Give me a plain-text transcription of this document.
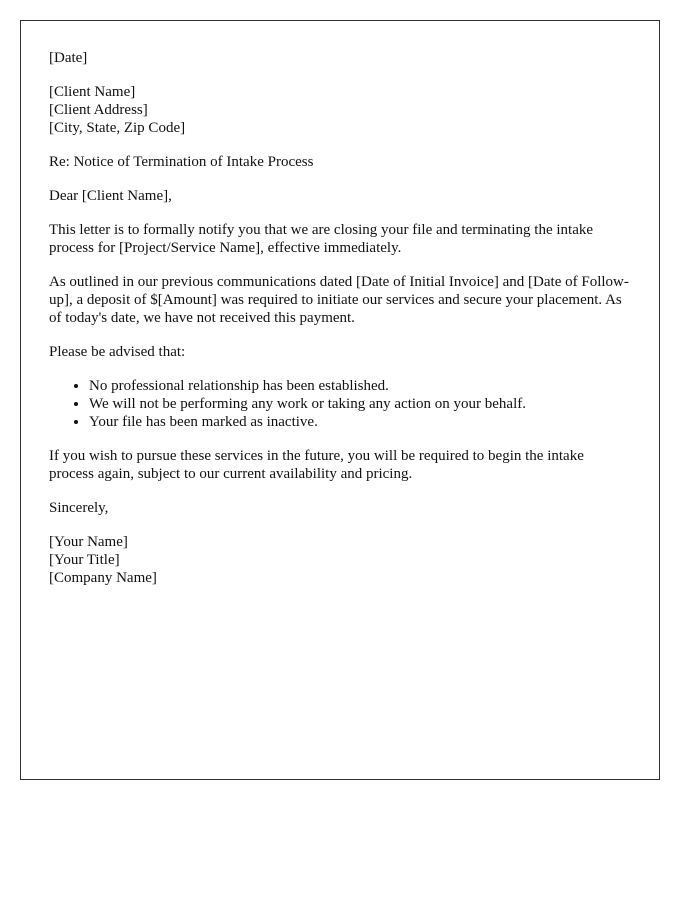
[Date]

[Client Name]
[Client Address]
[City, State, Zip Code]

Re: Notice of Termination of Intake Process

Dear [Client Name],

This letter is to formally notify you that we are closing your file and terminating the intake process for [Project/Service Name], effective immediately.

As outlined in our previous communications dated [Date of Initial Invoice] and [Date of Follow-up], a deposit of $[Amount] was required to initiate our services and secure your placement. As of today's date, we have not received this payment.

Please be advised that:

• No professional relationship has been established.
• We will not be performing any work or taking any action on your behalf.
• Your file has been marked as inactive.

If you wish to pursue these services in the future, you will be required to begin the intake process again, subject to our current availability and pricing.

Sincerely,

[Your Name]
[Your Title]
[Company Name]
